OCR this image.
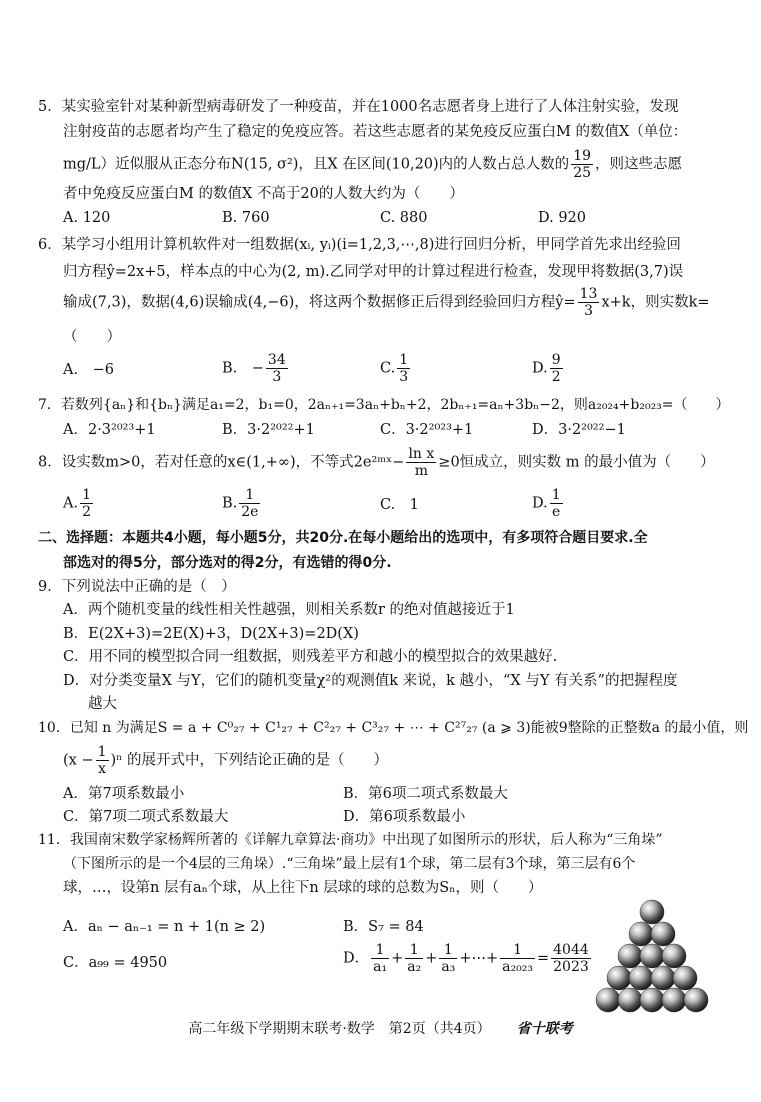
5．某实验室针对某种新型病毒研发了一种疫苗，并在1000名志愿者身上进行了人体注射实验，发现
注射疫苗的志愿者均产生了稳定的免疫应答。若这些志愿者的某免疫反应蛋白M 的数值X（单位：
mg/L）近似服从正态分布N(15, σ²)，且X 在区间(10,20)内的人数占总人数的 $\frac{19}{25}$ ，则这些志愿
者中免疫反应蛋白M 的数值X 不高于20的人数大约为（　　）
A. 120	B. 760	C. 880	D. 920
6．某学习小组用计算机软件对一组数据(xᵢ, yᵢ)(i=1,2,3,⋯,8)进行回归分析，甲同学首先求出经验回
归方程ŷ=2x+5，样本点的中心为(2, m).乙同学对甲的计算过程进行检查，发现甲将数据(3,7)误
输成(7,3)，数据(4,6)误输成(4,−6)，将这两个数据修正后得到经验回归方程ŷ= $\frac{13}{3} x+k$，则实数k=
（　　）
A.　−6	B.　− $\frac{34}{3}$	C. $\frac{1}{3}$	D. $\frac{9}{2}$
7．若数列{aₙ}和{bₙ}满足a₁=2，b₁=0，2aₙ₊₁=3aₙ+bₙ+2，2bₙ₊₁=aₙ+3bₙ−2，则a₂₀₂₄+b₂₀₂₃=（　　）
A．2·3²⁰²³+1	B．3·2²⁰²²+1	C．3·2²⁰²³+1	D．3·2²⁰²²−1
8．设实数m>0，若对任意的x∈(1,+∞)，不等式2e²ᵐˣ− $\frac{\text{ln x}}{m} \ge 0$恒成立，则实数 m 的最小值为（　　）
A. $\frac{1}{2}$	B. $\frac{1}{2e}$	C.　1	D. $\frac{1}{e}$
二、选择题：本题共4小题，每小题5分，共20分.在每小题给出的选项中，有多项符合题目要求.全
部选对的得5分，部分选对的得2分，有选错的得0分.
9．下列说法中正确的是（　）
A．两个随机变量的线性相关性越强，则相关系数r 的绝对值越接近于1
B．E(2X+3)=2E(X)+3，D(2X+3)=2D(X)
C．用不同的模型拟合同一组数据，则残差平方和越小的模型拟合的效果越好.
D．对分类变量X 与Y，它们的随机变量χ²的观测值k 来说，k 越小，“X 与Y 有关系”的把握程度
越大
10．已知 n 为满足S = a + C⁰₂₇ + C¹₂₇ + C²₂₇ + C³₂₇ + ⋯ + C²⁷₂₇ (a ⩾ 3)能被9整除的正整数a 的最小值，则
$(x - \frac{1}{x} )^n$ 的展开式中，下列结论正确的是（　　）
A．第7项系数最小	B．第6项二项式系数最大
C．第7项二项式系数最大	D．第6项系数最小
11．我国南宋数学家杨辉所著的《详解九章算法·商功》中出现了如图所示的形状，后人称为“三角垛”
（下图所示的是一个4层的三角垛）.“三角垛”最上层有1个球，第二层有3个球，第三层有6个
球，…，设第n 层有aₙ个球，从上往下n 层球的球的总数为Sₙ，则（　　）
A．aₙ − aₙ₋₁ = n + 1(n ≥ 2)	B．S₇ = 84
C．a₉₉ = 4950	D． $\frac{1}{\text{a₁}} + \frac{1}{\text{a₂}} + \frac{1}{\text{a₃}}$ +⋯+ $\frac{1}{\text{a₂₀₂₃}} = \frac{4044}{2023}$
高二年级下学期期末联考·数学　第2页（共4页） 省十联考
